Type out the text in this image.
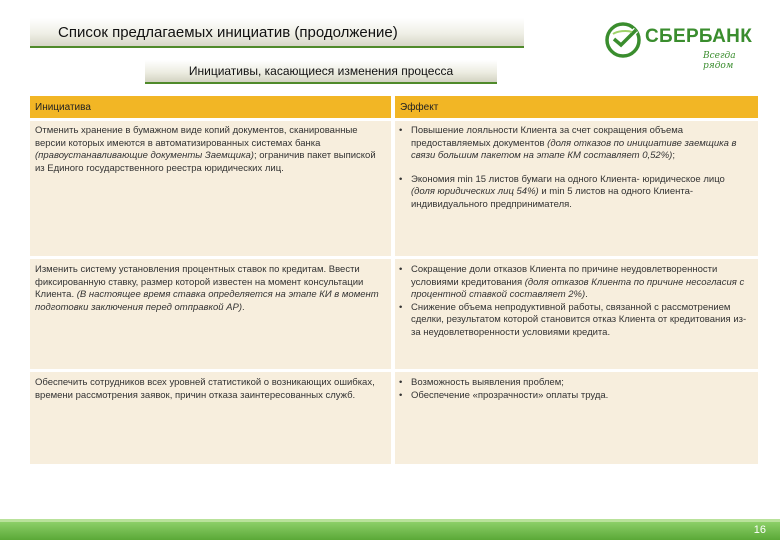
Список предлагаемых инициатив (продолжение)
Инициативы, касающиеся изменения процесса
СБЕРБАНК
Всегда рядом
Инициатива	Эффект
Отменить хранение в бумажном виде копий документов, сканированные версии которых имеются в автоматизированных системах банка (правоустанавливающие документы Заемщика); ограничив пакет выпиской из Единого государственного реестра юридических лиц.
• Повышение лояльности Клиента за счет сокращения объема предоставляемых документов (доля отказов по инициативе заемщика в связи большим пакетом на этапе КМ составляет 0,52%);
• Экономия min 15 листов бумаги на одного Клиента- юридическое лицо (доля юридических лиц 54%) и min 5 листов на одного Клиента- индивидуального предпринимателя.
Изменить систему установления процентных ставок по кредитам. Ввести фиксированную ставку, размер которой известен на момент консультации Клиента. (В настоящее время ставка определяется на этапе КИ в момент подготовки заключения перед отправкой АР).
• Сокращение доли отказов Клиента по причине неудовлетворенности условиями кредитования (доля отказов Клиента по причине несогласия с процентной ставкой составляет 2%).
• Снижение объема непродуктивной работы, связанной с рассмотрением сделки, результатом которой становится отказ Клиента от кредитования из-за неудовлетворенности условиями кредита.
Обеспечить сотрудников всех уровней статистикой о возникающих ошибках, времени рассмотрения заявок, причин отказа заинтересованных служб.
• Возможность выявления проблем;
• Обеспечение «прозрачности» оплаты труда.
16
